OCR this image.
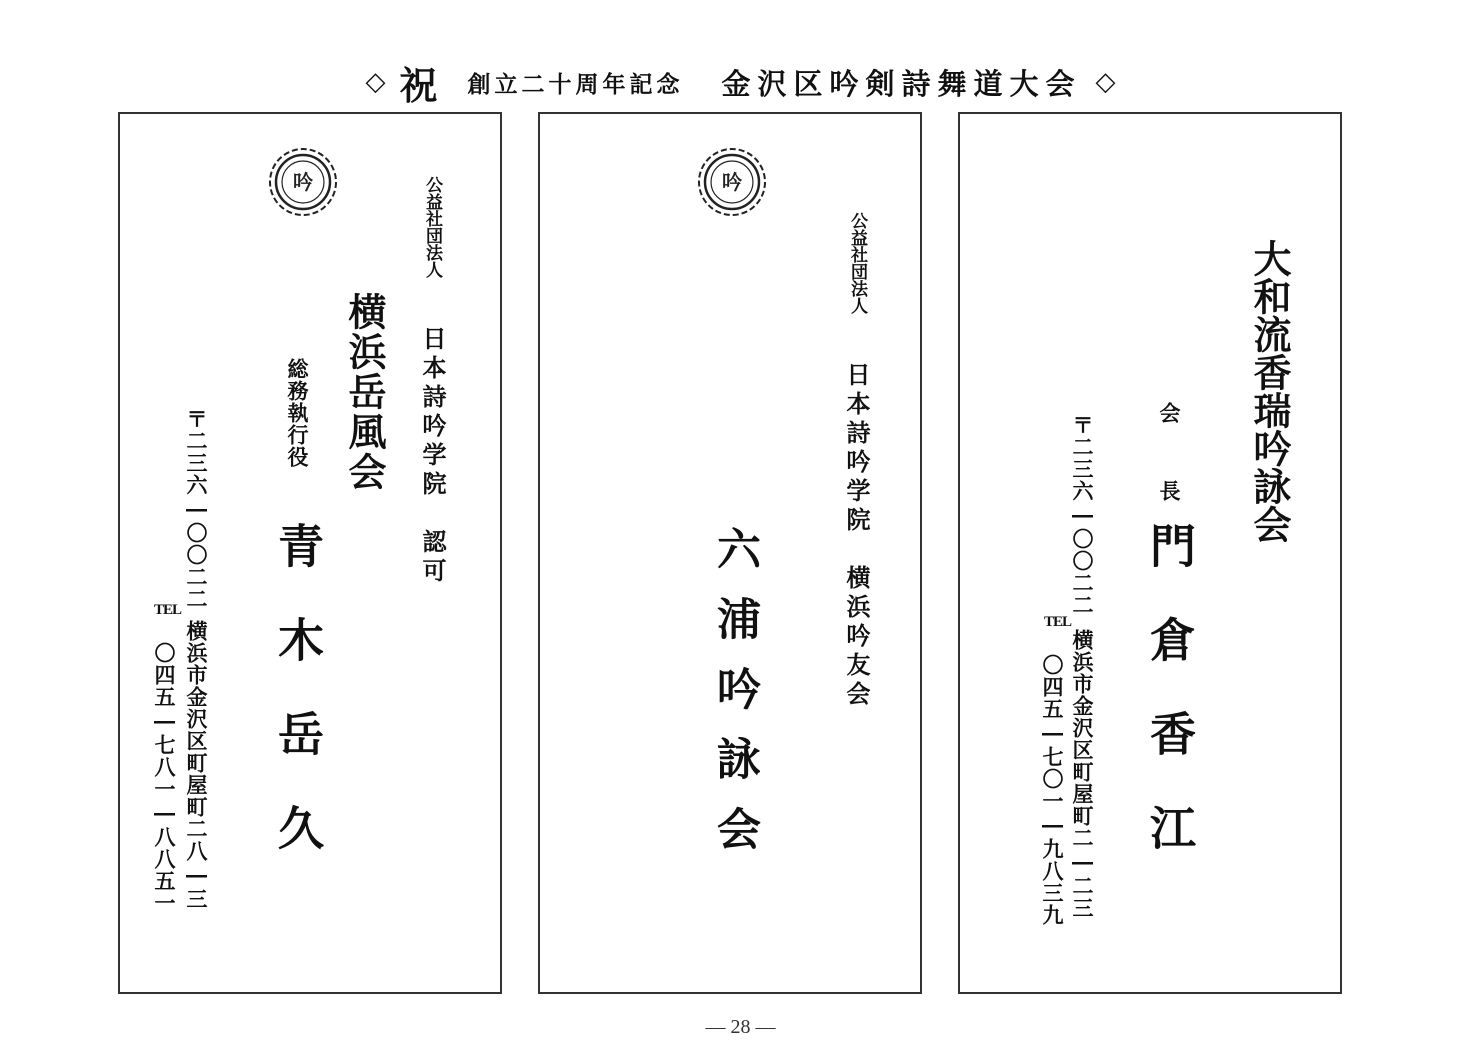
◇ 祝 創立二十周年記念 金沢区吟剣詩舞道大会 ◇
吟	公益社団法人
日本詩吟学院　認可
横浜岳風会
総務執行役
青木岳久
〒二三六―〇〇二二
横浜市金沢区町屋町二八―三
TEL
〇四五―七八一―八八五一
吟
公益社団法人
日本詩吟学院　横浜吟友会
六浦吟詠会
大和流香瑞吟詠会
会　長
門倉香江
〒二三六―〇〇二二
横浜市金沢区町屋町二―二三
TEL
〇四五―七〇一―九八三九
― 28 ―
